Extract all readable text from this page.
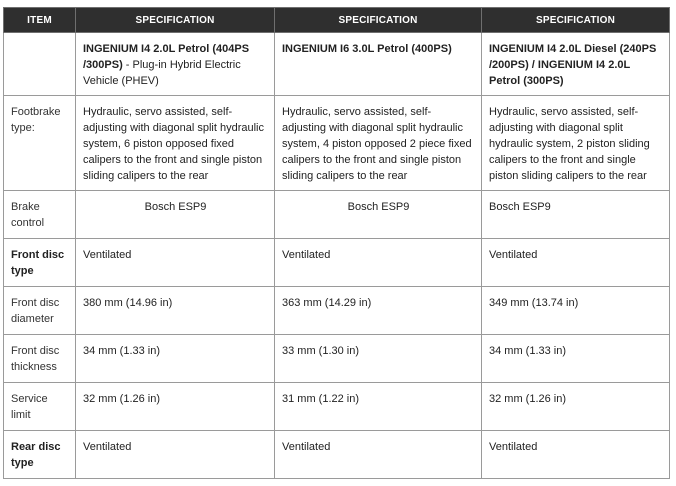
ITEM	SPECIFICATION	SPECIFICATION	SPECIFICATION
	INGENIUM I4 2.0L Petrol (404PS /300PS) - Plug-in Hybrid Electric Vehicle (PHEV)	INGENIUM I6 3.0L Petrol (400PS)	INGENIUM I4 2.0L Diesel (240PS /200PS) / INGENIUM I4 2.0L Petrol (300PS)
Footbrake type:	Hydraulic, servo assisted, self-adjusting with diagonal split hydraulic system, 6 piston opposed fixed calipers to the front and single piston sliding calipers to the rear	Hydraulic, servo assisted, self-adjusting with diagonal split hydraulic system, 4 piston opposed 2 piece fixed calipers to the front and single piston sliding calipers to the rear	Hydraulic, servo assisted, self-adjusting with diagonal split hydraulic system, 2 piston sliding calipers to the front and single piston sliding calipers to the rear
Brake control	Bosch ESP9	Bosch ESP9	Bosch ESP9
Front disc type	Ventilated	Ventilated	Ventilated
Front disc diameter	380 mm (14.96 in)	363 mm (14.29 in)	349 mm (13.74 in)
Front disc thickness	34 mm (1.33 in)	33 mm (1.30 in)	34 mm (1.33 in)
Service limit	32 mm (1.26 in)	31 mm (1.22 in)	32 mm (1.26 in)
Rear disc type	Ventilated	Ventilated	Ventilated
